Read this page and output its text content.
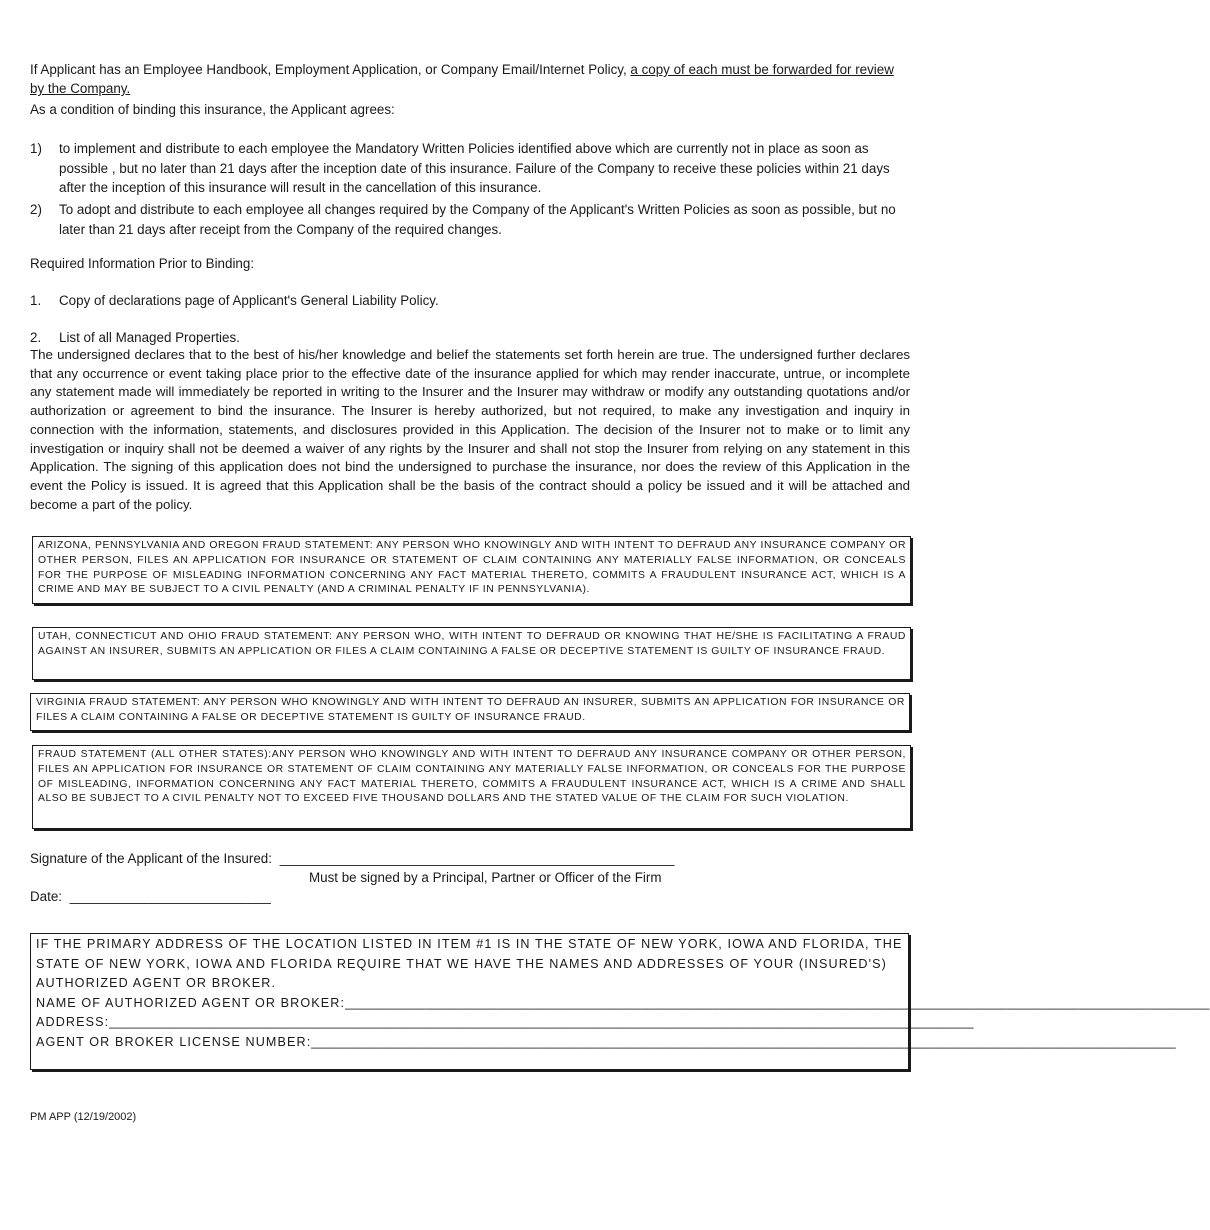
If Applicant has an Employee Handbook, Employment Application, or Company Email/Internet Policy, a copy of each must be forwarded for review by the Company.
As a condition of binding this insurance, the Applicant agrees:
1) to implement and distribute to each employee the Mandatory Written Policies identified above which are currently not in place as soon as possible , but no later than 21 days after the inception date of this insurance. Failure of the Company to receive these policies within 21 days after the inception of this insurance will result in the cancellation of this insurance.
2) To adopt and distribute to each employee all changes required by the Company of the Applicant's Written Policies as soon as possible, but no later than 21 days after receipt from the Company of the required changes.
Required Information Prior to Binding:
1. Copy of declarations page of Applicant's General Liability Policy.
2. List of all Managed Properties.
The undersigned declares that to the best of his/her knowledge and belief the statements set forth herein are true. The undersigned further declares that any occurrence or event taking place prior to the effective date of the insurance applied for which may render inaccurate, untrue, or incomplete any statement made will immediately be reported in writing to the Insurer and the Insurer may withdraw or modify any outstanding quotations and/or authorization or agreement to bind the insurance. The Insurer is hereby authorized, but not required, to make any investigation and inquiry in connection with the information, statements, and disclosures provided in this Application. The decision of the Insurer not to make or to limit any investigation or inquiry shall not be deemed a waiver of any rights by the Insurer and shall not stop the Insurer from relying on any statement in this Application. The signing of this application does not bind the undersigned to purchase the insurance, nor does the review of this Application in the event the Policy is issued. It is agreed that this Application shall be the basis of the contract should a policy be issued and it will be attached and become a part of the policy.
ARIZONA, PENNSYLVANIA AND OREGON FRAUD STATEMENT: ANY PERSON WHO KNOWINGLY AND WITH INTENT TO DEFRAUD ANY INSURANCE COMPANY OR OTHER PERSON, FILES AN APPLICATION FOR INSURANCE OR STATEMENT OF CLAIM CONTAINING ANY MATERIALLY FALSE INFORMATION, OR CONCEALS FOR THE PURPOSE OF MISLEADING INFORMATION CONCERNING ANY FACT MATERIAL THERETO, COMMITS A FRAUDULENT INSURANCE ACT, WHICH IS A CRIME AND MAY BE SUBJECT TO A CIVIL PENALTY (AND A CRIMINAL PENALTY IF IN PENNSYLVANIA).
UTAH, CONNECTICUT AND OHIO FRAUD STATEMENT: ANY PERSON WHO, WITH INTENT TO DEFRAUD OR KNOWING THAT HE/SHE IS FACILITATING A FRAUD AGAINST AN INSURER, SUBMITS AN APPLICATION OR FILES A CLAIM CONTAINING A FALSE OR DECEPTIVE STATEMENT IS GUILTY OF INSURANCE FRAUD.
VIRGINIA FRAUD STATEMENT: ANY PERSON WHO KNOWINGLY AND WITH INTENT TO DEFRAUD AN INSURER, SUBMITS AN APPLICATION FOR INSURANCE OR FILES A CLAIM CONTAINING A FALSE OR DECEPTIVE STATEMENT IS GUILTY OF INSURANCE FRAUD.
FRAUD STATEMENT (ALL OTHER STATES):ANY PERSON WHO KNOWINGLY AND WITH INTENT TO DEFRAUD ANY INSURANCE COMPANY OR OTHER PERSON, FILES AN APPLICATION FOR INSURANCE OR STATEMENT OF CLAIM CONTAINING ANY MATERIALLY FALSE INFORMATION, OR CONCEALS FOR THE PURPOSE OF MISLEADING, INFORMATION CONCERNING ANY FACT MATERIAL THERETO, COMMITS A FRAUDULENT INSURANCE ACT, WHICH IS A CRIME AND SHALL ALSO BE SUBJECT TO A CIVIL PENALTY NOT TO EXCEED FIVE THOUSAND DOLLARS AND THE STATED VALUE OF THE CLAIM FOR SUCH VIOLATION.
Signature of the Applicant of the Insured: _____________________________________________________
Must be signed by a Principal, Partner or Officer of the Firm
Date: ___________________________
IF THE PRIMARY ADDRESS OF THE LOCATION LISTED IN ITEM #1 IS IN THE STATE OF NEW YORK, IOWA AND FLORIDA, THE STATE OF NEW YORK, IOWA AND FLORIDA REQUIRE THAT WE HAVE THE NAMES AND ADDRESSES OF YOUR (INSURED'S) AUTHORIZED AGENT OR BROKER.
NAME OF AUTHORIZED AGENT OR BROKER: ________________________________________________________________________________________________________________________
ADDRESS: ________________________________________________________________________________________________________________________
AGENT OR BROKER LICENSE NUMBER: ________________________________________________________________________________________________________________________
PM APP (12/19/2002)
